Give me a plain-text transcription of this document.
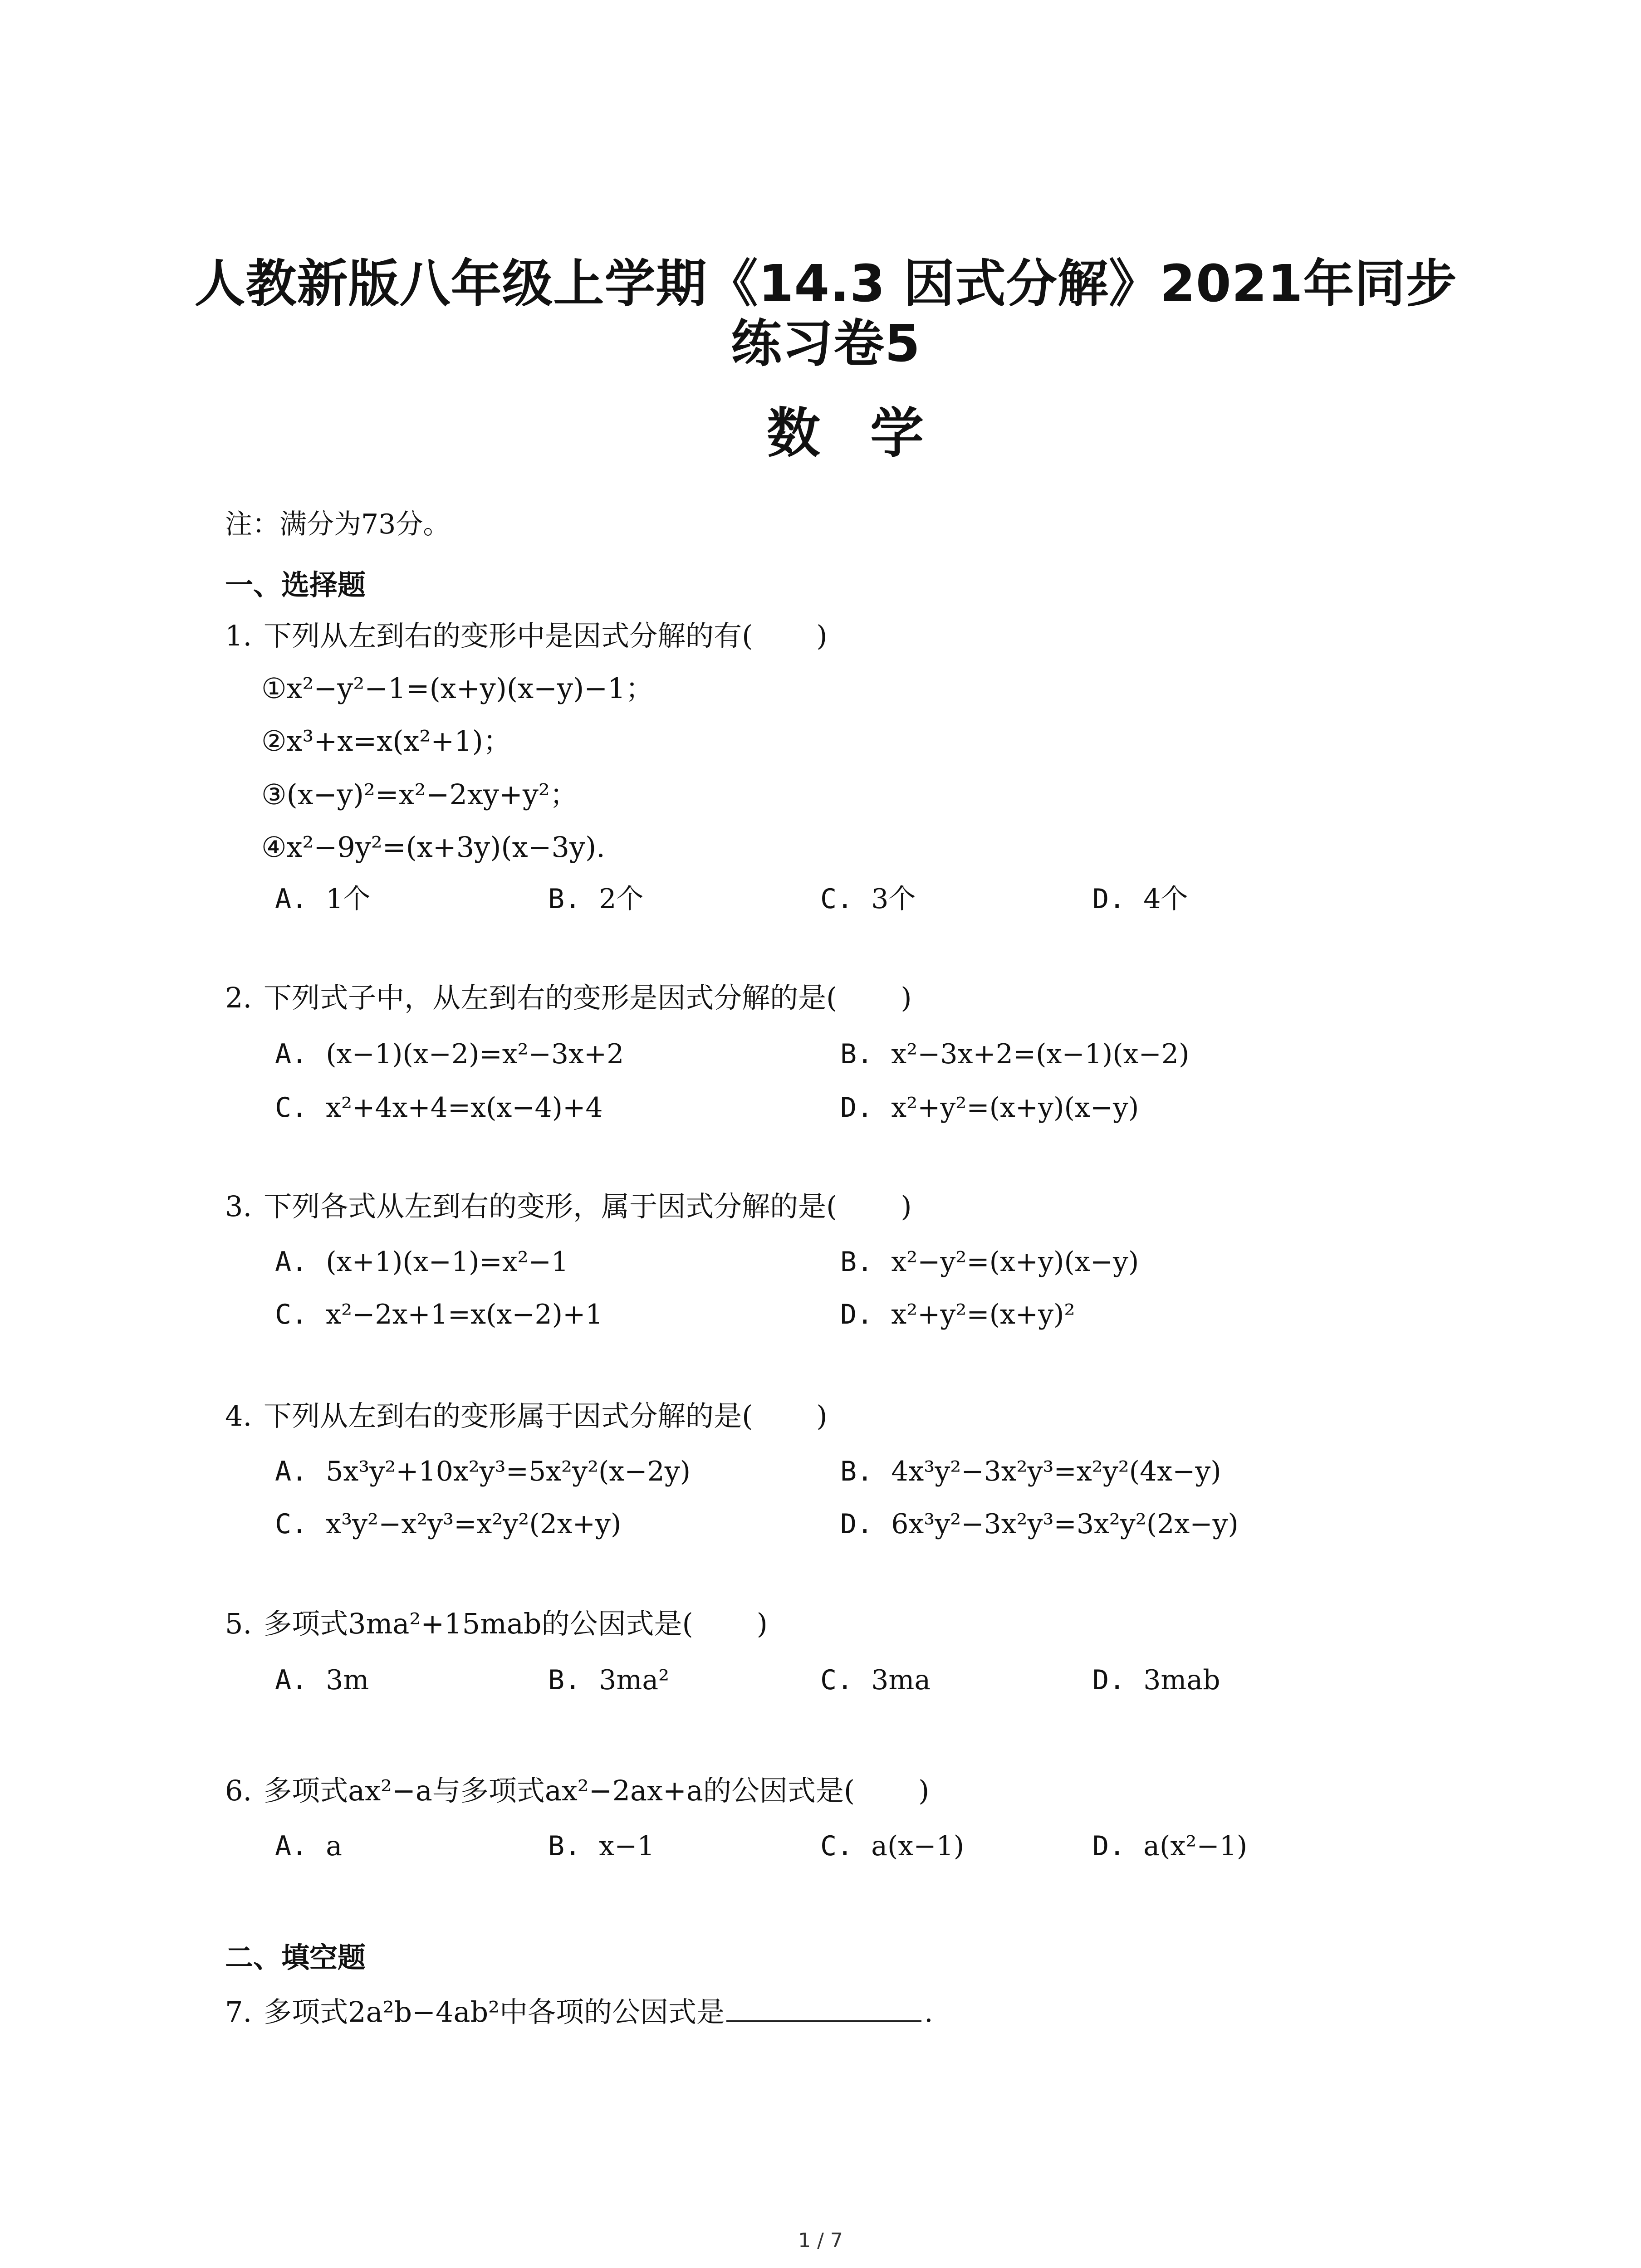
人教新版八年级上学期《14.3 因式分解》2021年同步
练习卷5
数学
注：满分为73分。
一、选择题
1. 下列从左到右的变形中是因式分解的有( )
①x²−y²−1=(x+y)(x−y)−1；
②x³+x=x(x²+1)；
③(x−y)²=x²−2xy+y²；
④x²−9y²=(x+3y)(x−3y).
A. 1个	B. 2个	C. 3个	D. 4个
2. 下列式子中，从左到右的变形是因式分解的是( )
A. (x−1)(x−2)=x²−3x+2	B. x²−3x+2=(x−1)(x−2)
C. x²+4x+4=x(x−4)+4	D. x²+y²=(x+y)(x−y)
3. 下列各式从左到右的变形，属于因式分解的是( )
A. (x+1)(x−1)=x²−1	B. x²−y²=(x+y)(x−y)
C. x²−2x+1=x(x−2)+1	D. x²+y²=(x+y)²
4. 下列从左到右的变形属于因式分解的是( )
A. 5x³y²+10x²y³=5x²y²(x−2y)	B. 4x³y²−3x²y³=x²y²(4x−y)
C. x³y²−x²y³=x²y²(2x+y)	D. 6x³y²−3x²y³=3x²y²(2x−y)
5. 多项式3ma²+15mab的公因式是( )
A. 3m	B. 3ma²	C. 3ma	D. 3mab
6. 多项式ax²−a与多项式ax²−2ax+a的公因式是( )
A. a	B. x−1	C. a(x−1)	D. a(x²−1)
二、填空题
7. 多项式2a²b−4ab²中各项的公因式是	.
1 / 7
